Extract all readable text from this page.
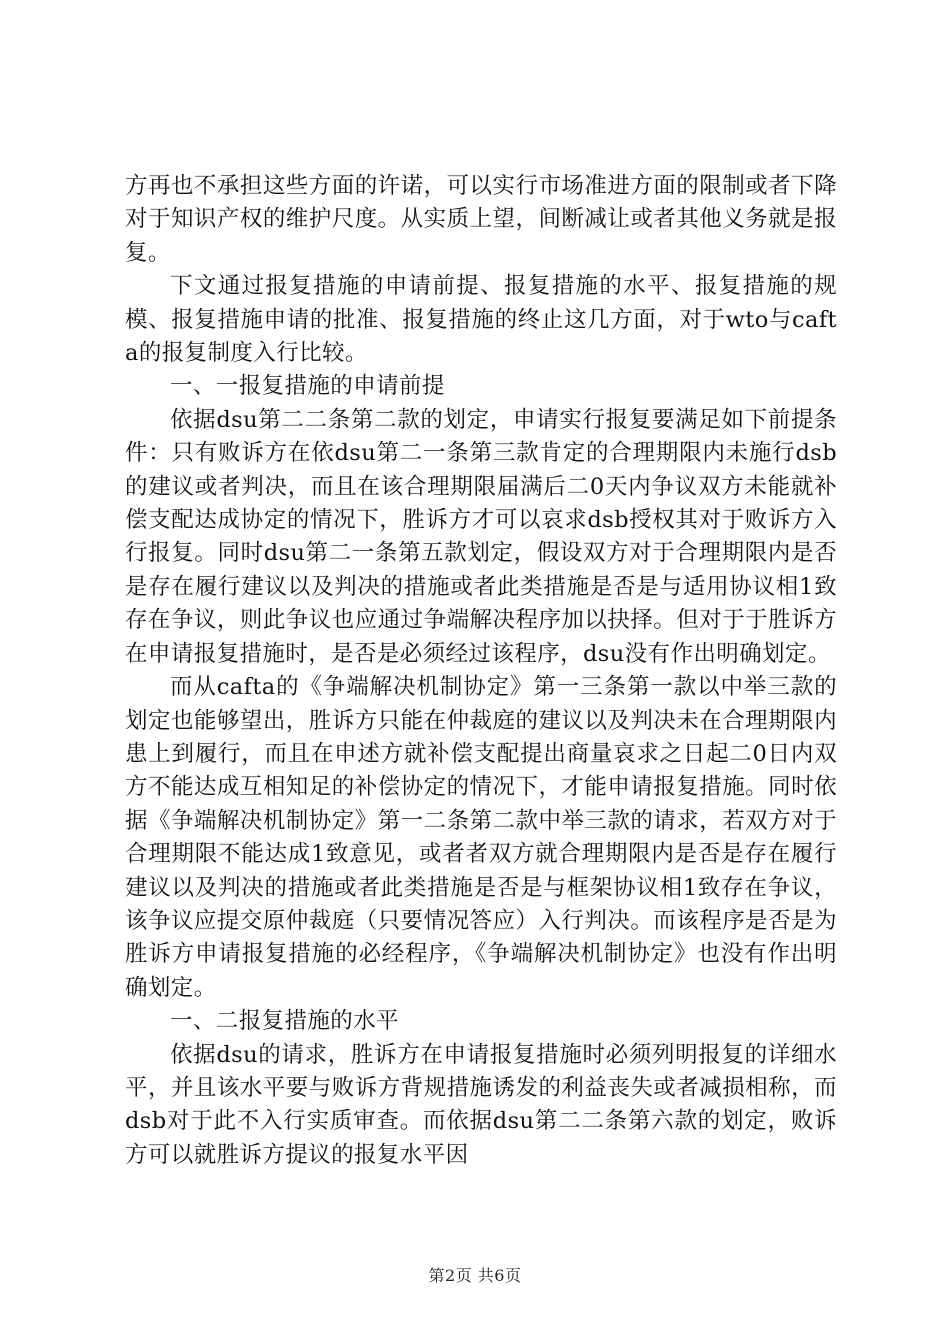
方再也不承担这些方面的许诺，可以实行市场准进方面的限制或者下降对于知识产权的维护尺度。从实质上望，间断减让或者其他义务就是报复。

下文通过报复措施的申请前提、报复措施的水平、报复措施的规模、报复措施申请的批准、报复措施的终止这几方面，对于wto与cafta的报复制度入行比较。

一、一报复措施的申请前提

依据dsu第二二条第二款的划定，申请实行报复要满足如下前提条件：只有败诉方在依dsu第二一条第三款肯定的合理期限内未施行dsb的建议或者判决，而且在该合理期限届满后二0天内争议双方未能就补偿支配达成协定的情况下，胜诉方才可以哀求dsb授权其对于败诉方入行报复。同时dsu第二一条第五款划定，假设双方对于合理期限内是否是存在履行建议以及判决的措施或者此类措施是否是与适用协议相1致存在争议，则此争议也应通过争端解决程序加以抉择。但对于于胜诉方在申请报复措施时，是否是必须经过该程序，dsu没有作出明确划定。

而从cafta的《争端解决机制协定》第一三条第一款以中举三款的划定也能够望出，胜诉方只能在仲裁庭的建议以及判决未在合理期限内患上到履行，而且在申述方就补偿支配提出商量哀求之日起二0日内双方不能达成互相知足的补偿协定的情况下，才能申请报复措施。同时依据《争端解决机制协定》第一二条第二款中举三款的请求，若双方对于合理期限不能达成1致意见，或者者双方就合理期限内是否是存在履行建议以及判决的措施或者此类措施是否是与框架协议相1致存在争议，该争议应提交原仲裁庭（只要情况答应）入行判决。而该程序是否是为胜诉方申请报复措施的必经程序，《争端解决机制协定》也没有作出明确划定。

一、二报复措施的水平

依据dsu的请求，胜诉方在申请报复措施时必须列明报复的详细水平，并且该水平要与败诉方背规措施诱发的利益丧失或者减损相称，而dsb对于此不入行实质审查。而依据dsu第二二条第六款的划定，败诉方可以就胜诉方提议的报复水平因

第2页 共6页
